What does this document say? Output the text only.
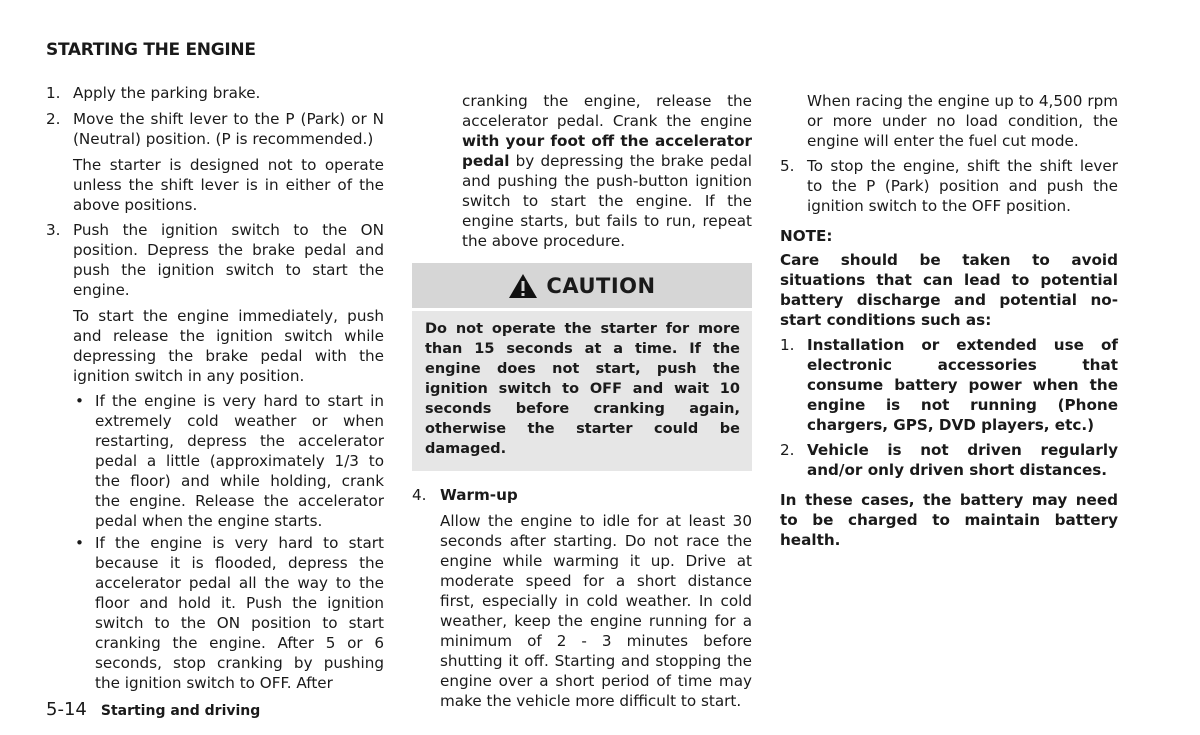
STARTING THE ENGINE
1. Apply the parking brake.
2. Move the shift lever to the P (Park) or N (Neutral) position. (P is recommended.)

The starter is designed not to operate unless the shift lever is in either of the above positions.

3. Push the ignition switch to the ON position. Depress the brake pedal and push the ignition switch to start the engine.

To start the engine immediately, push and release the ignition switch while depressing the brake pedal with the ignition switch in any position.

• If the engine is very hard to start in extremely cold weather or when restarting, depress the accelerator pedal a little (approximately 1/3 to the floor) and while holding, crank the engine. Release the accelerator pedal when the engine starts.
• If the engine is very hard to start because it is flooded, depress the accelerator pedal all the way to the floor and hold it. Push the ignition switch to the ON position to start cranking the engine. After 5 or 6 seconds, stop cranking by pushing the ignition switch to OFF. After

cranking the engine, release the accelerator pedal. Crank the engine with your foot off the accelerator pedal by depressing the brake pedal and pushing the push-button ignition switch to start the engine. If the engine starts, but fails to run, repeat the above procedure.

CAUTION
Do not operate the starter for more than 15 seconds at a time. If the engine does not start, push the ignition switch to OFF and wait 10 seconds before cranking again, otherwise the starter could be damaged.
4. Warm-up
Allow the engine to idle for at least 30 seconds after starting. Do not race the engine while warming it up. Drive at moderate speed for a short distance first, especially in cold weather. In cold weather, keep the engine running for a minimum of 2 - 3 minutes before shutting it off. Starting and stopping the engine over a short period of time may make the vehicle more difficult to start.

When racing the engine up to 4,500 rpm or more under no load condition, the engine will enter the fuel cut mode.

5. To stop the engine, shift the shift lever to the P (Park) position and push the ignition switch to the OFF position.
NOTE:

Care should be taken to avoid situations that can lead to potential battery discharge and potential no-start conditions such as:

1. Installation or extended use of electronic accessories that consume battery power when the engine is not running (Phone chargers, GPS, DVD players, etc.)
2. Vehicle is not driven regularly and/or only driven short distances.

In these cases, the battery may need to be charged to maintain battery health.

5-14 Starting and driving
